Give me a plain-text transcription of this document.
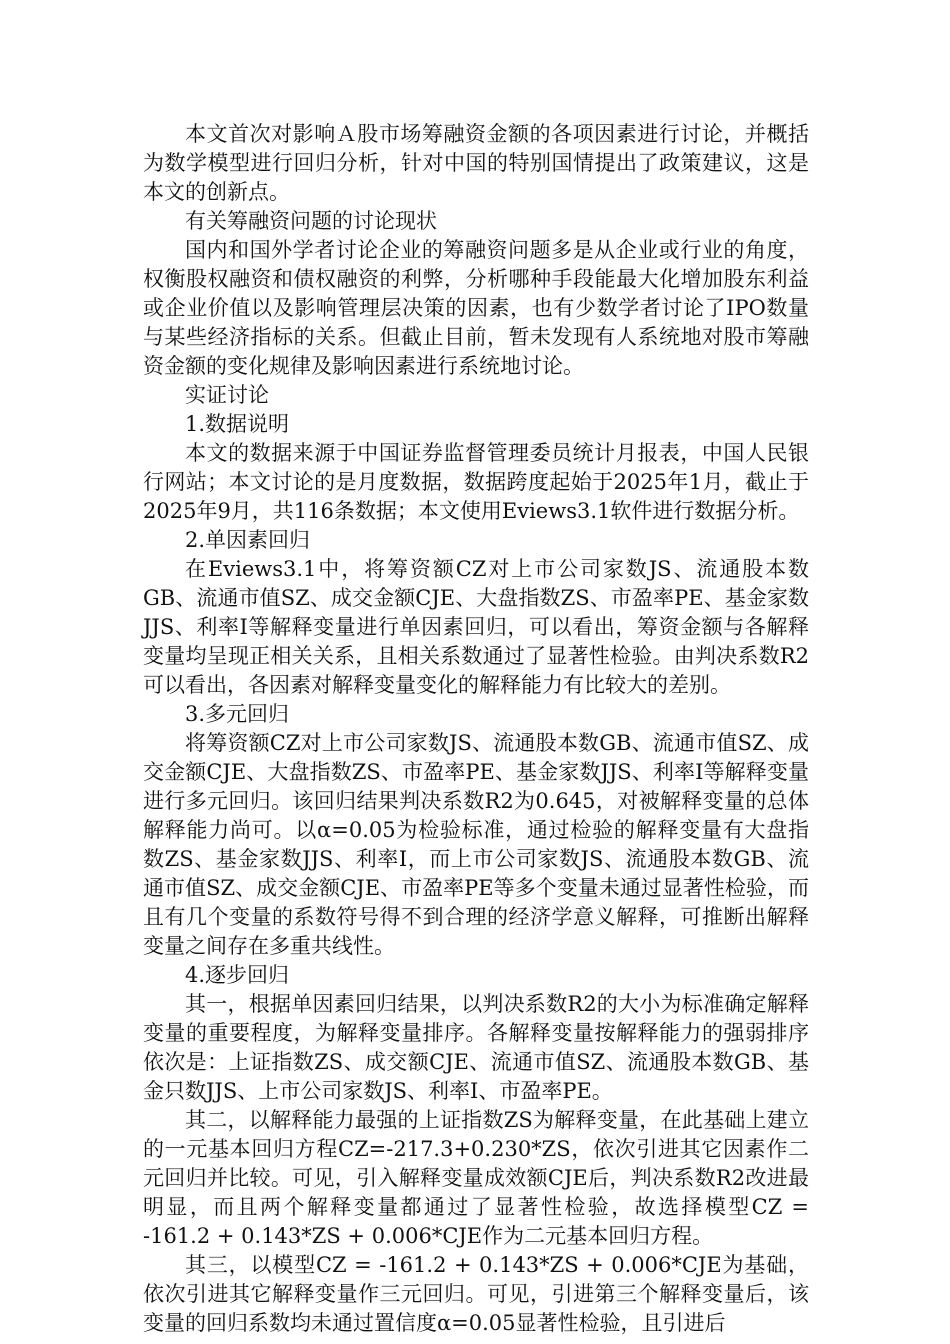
本文首次对影响Ａ股市场筹融资金额的各项因素进行讨论，并概括为数学模型进行回归分析，针对中国的特别国情提出了政策建议，这是本文的创新点。

有关筹融资问题的讨论现状

国内和国外学者讨论企业的筹融资问题多是从企业或行业的角度，权衡股权融资和债权融资的利弊，分析哪种手段能最大化增加股东利益或企业价值以及影响管理层决策的因素，也有少数学者讨论了IPO数量与某些经济指标的关系。但截止目前，暂未发现有人系统地对股市筹融资金额的变化规律及影响因素进行系统地讨论。

实证讨论

1.数据说明

本文的数据来源于中国证券监督管理委员统计月报表，中国人民银行网站；本文讨论的是月度数据，数据跨度起始于2025年1月，截止于2025年9月，共116条数据；本文使用Eviews3.1软件进行数据分析。

2.单因素回归

在Eviews3.1中，将筹资额CZ对上市公司家数JS、流通股本数GB、流通市值SZ、成交金额CJE、大盘指数ZS、市盈率PE、基金家数JJS、利率I等解释变量进行单因素回归，可以看出，筹资金额与各解释变量均呈现正相关关系，且相关系数通过了显著性检验。由判决系数R2可以看出，各因素对解释变量变化的解释能力有比较大的差别。

3.多元回归

将筹资额CZ对上市公司家数JS、流通股本数GB、流通市值SZ、成交金额CJE、大盘指数ZS、市盈率PE、基金家数JJS、利率I等解释变量进行多元回归。该回归结果判决系数R2为0.645，对被解释变量的总体解释能力尚可。以α=0.05为检验标准，通过检验的解释变量有大盘指数ZS、基金家数JJS、利率I，而上市公司家数JS、流通股本数GB、流通市值SZ、成交金额CJE、市盈率PE等多个变量未通过显著性检验，而且有几个变量的系数符号得不到合理的经济学意义解释，可推断出解释变量之间存在多重共线性。

4.逐步回归

其一，根据单因素回归结果，以判决系数R2的大小为标准确定解释变量的重要程度，为解释变量排序。各解释变量按解释能力的强弱排序依次是：上证指数ZS、成交额CJE、流通市值SZ、流通股本数GB、基金只数JJS、上市公司家数JS、利率I、市盈率PE。

其二，以解释能力最强的上证指数ZS为解释变量，在此基础上建立的一元基本回归方程CZ=-217.3+0.230*ZS，依次引进其它因素作二元回归并比较。可见，引入解释变量成效额CJE后，判决系数R2改进最明显，而且两个解释变量都通过了显著性检验，故选择模型CZ = -161.2 + 0.143*ZS + 0.006*CJE作为二元基本回归方程。

其三，以模型CZ = -161.2 + 0.143*ZS + 0.006*CJE为基础，依次引进其它解释变量作三元回归。可见，引进第三个解释变量后，该变量的回归系数均未通过置信度α=0.05显著性检验，且引进后
